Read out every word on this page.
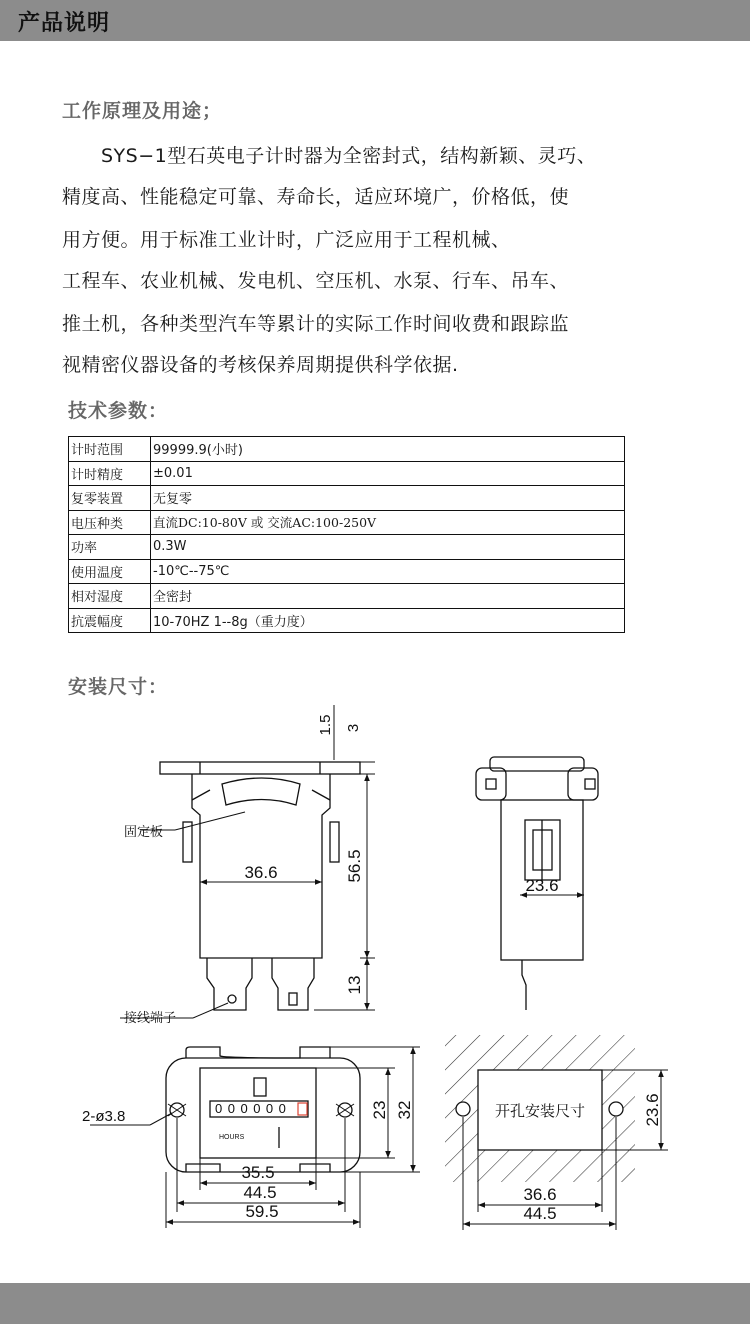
产品说明
工作原理及用途；
　　SYS−1型石英电子计时器为全密封式，结构新颖、灵巧、
精度高、性能稳定可靠、寿命长，适应环境广，价格低，使
用方便。用于标准工业计时，广泛应用于工程机械、
工程车、农业机械、发电机、空压机、水泵、行车、吊车、
推土机，各种类型汽车等累计的实际工作时间收费和跟踪监
视精密仪器设备的考核保养周期提供科学依据.
技术参数：
计时范围	99999.9(小时)
计时精度	±0.01
复零装置	无复零
电压种类	直流DC:10-80V 或 交流AC:100-250V
功率	0.3W
使用温度	-10℃--75℃
相对湿度	全密封
抗震幅度	10-70HZ 1--8g（重力度）
安装尺寸：
1.5 3
36.6	56.5
13
固定板
接线端子
23.6
000000
HOURS
2-ø3.8	23 32
35.5
44.5
59.5
开孔安装尺寸	23.6
36.6
44.5
